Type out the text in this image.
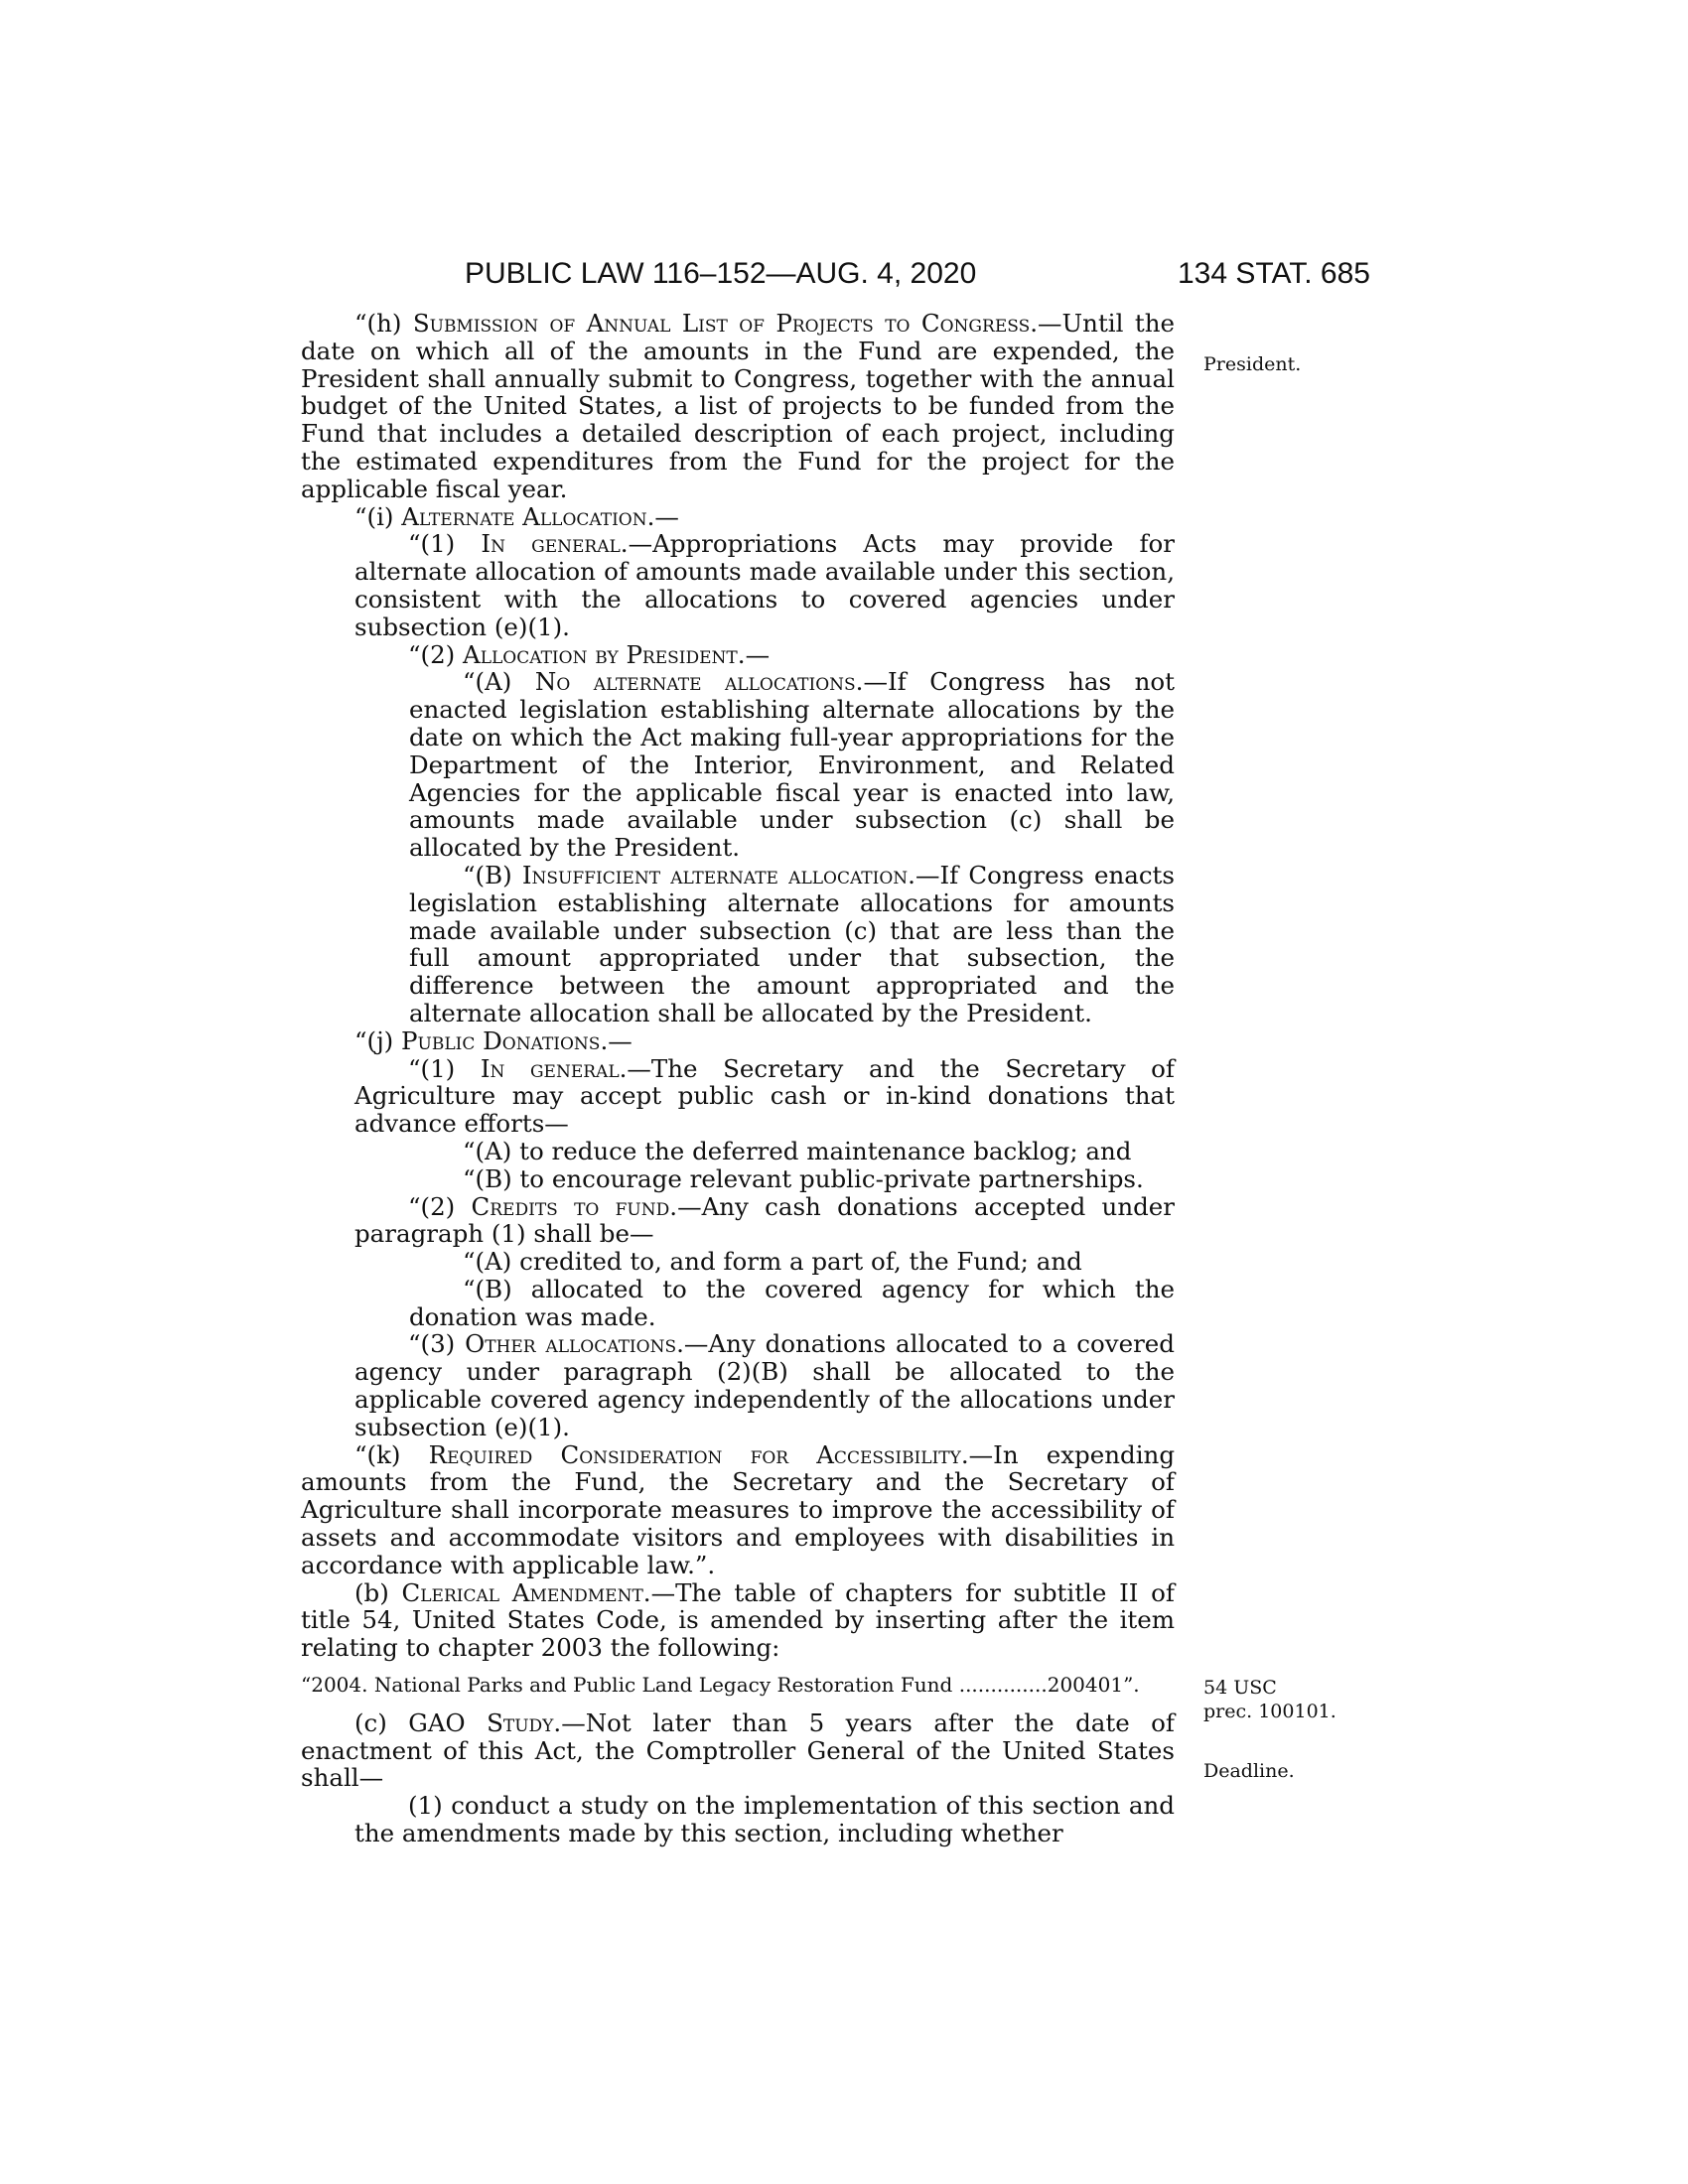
PUBLIC LAW 116–152—AUG. 4, 2020	134 STAT. 685
President.
54 USC
prec. 100101.
Deadline.

“(h) Submission of Annual List of Projects to Congress.—Until the date on which all of the amounts in the Fund are expended, the President shall annually submit to Congress, together with the annual budget of the United States, a list of projects to be funded from the Fund that includes a detailed description of each project, including the estimated expenditures from the Fund for the project for the applicable fiscal year.

“(i) Alternate Allocation.—

“(1) In general.—Appropriations Acts may provide for alternate allocation of amounts made available under this section, consistent with the allocations to covered agencies under subsection (e)(1).

“(2) Allocation by President.—

“(A) No alternate allocations.—If Congress has not enacted legislation establishing alternate allocations by the date on which the Act making full-year appropriations for the Department of the Interior, Environment, and Related Agencies for the applicable fiscal year is enacted into law, amounts made available under subsection (c) shall be allocated by the President.

“(B) Insufficient alternate allocation.—If Congress enacts legislation establishing alternate allocations for amounts made available under subsection (c) that are less than the full amount appropriated under that subsection, the difference between the amount appropriated and the alternate allocation shall be allocated by the President.

“(j) Public Donations.—

“(1) In general.—The Secretary and the Secretary of Agriculture may accept public cash or in-kind donations that advance efforts—

“(A) to reduce the deferred maintenance backlog; and

“(B) to encourage relevant public-private partnerships.

“(2) Credits to fund.—Any cash donations accepted under paragraph (1) shall be—

“(A) credited to, and form a part of, the Fund; and

“(B) allocated to the covered agency for which the donation was made.

“(3) Other allocations.—Any donations allocated to a covered agency under paragraph (2)(B) shall be allocated to the applicable covered agency independently of the allocations under subsection (e)(1).

“(k) Required Consideration for Accessibility.—In expending amounts from the Fund, the Secretary and the Secretary of Agriculture shall incorporate measures to improve the accessibility of assets and accommodate visitors and employees with disabilities in accordance with applicable law.”.

(b) Clerical Amendment.—The table of chapters for subtitle II of title 54, United States Code, is amended by inserting after the item relating to chapter 2003 the following:

“2004. National Parks and Public Land Legacy Restoration Fund ..............200401”.

(c) GAO Study.—Not later than 5 years after the date of enactment of this Act, the Comptroller General of the United States shall—

(1) conduct a study on the implementation of this section and the amendments made by this section, including whether
